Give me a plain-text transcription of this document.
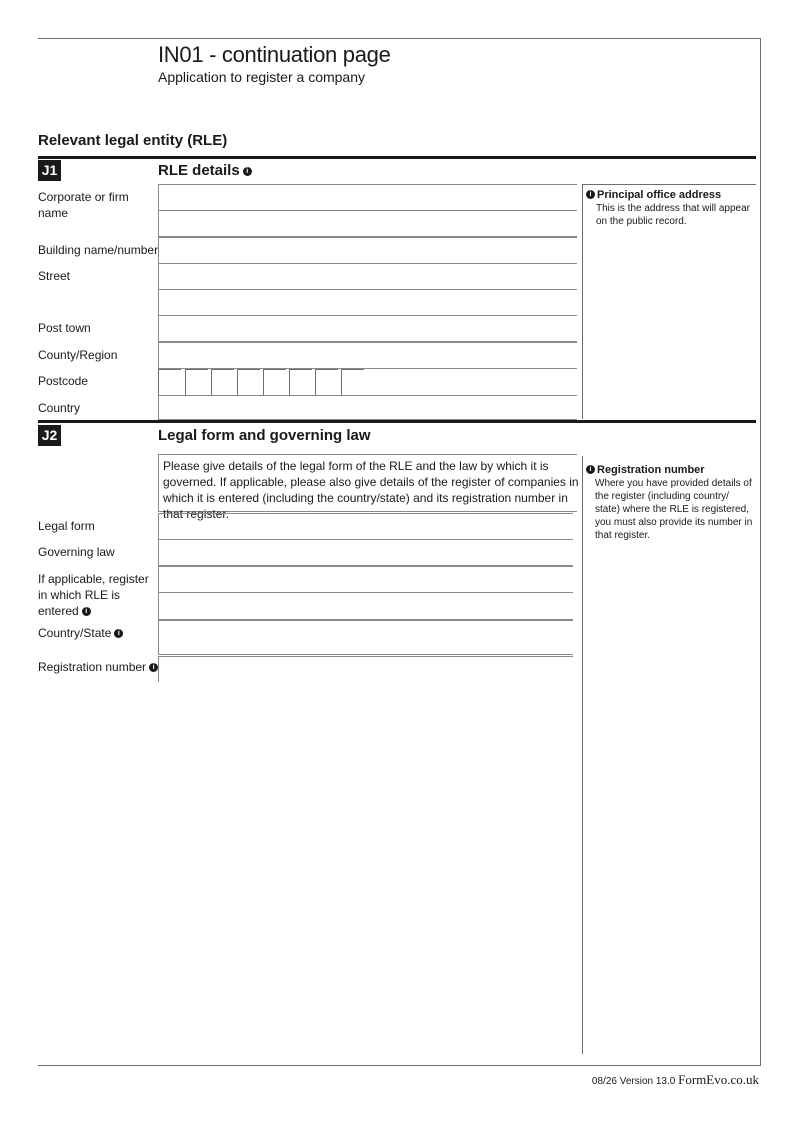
IN01 - continuation page
Application to register a company
Relevant legal entity (RLE)
J1	RLE details i
Corporate or firm name
Building name/number
Street
Post town
County/Region
Postcode
Country
i Principal office address
This is the address that will appear on the public record.
J2	Legal form and governing law
Please give details of the legal form of the RLE and the law by which it is governed. If applicable, please also give details of the register of companies in which it is entered (including the country/state) and its registration number in that register.
Legal form
Governing law
If applicable, register in which RLE is entered i
Country/State i
Registration number i
i Registration number
Where you have provided details of the register (including country/ state) where the RLE is registered, you must also provide its number in that register.
08/26 Version 13.0 FormEvo.co.uk
